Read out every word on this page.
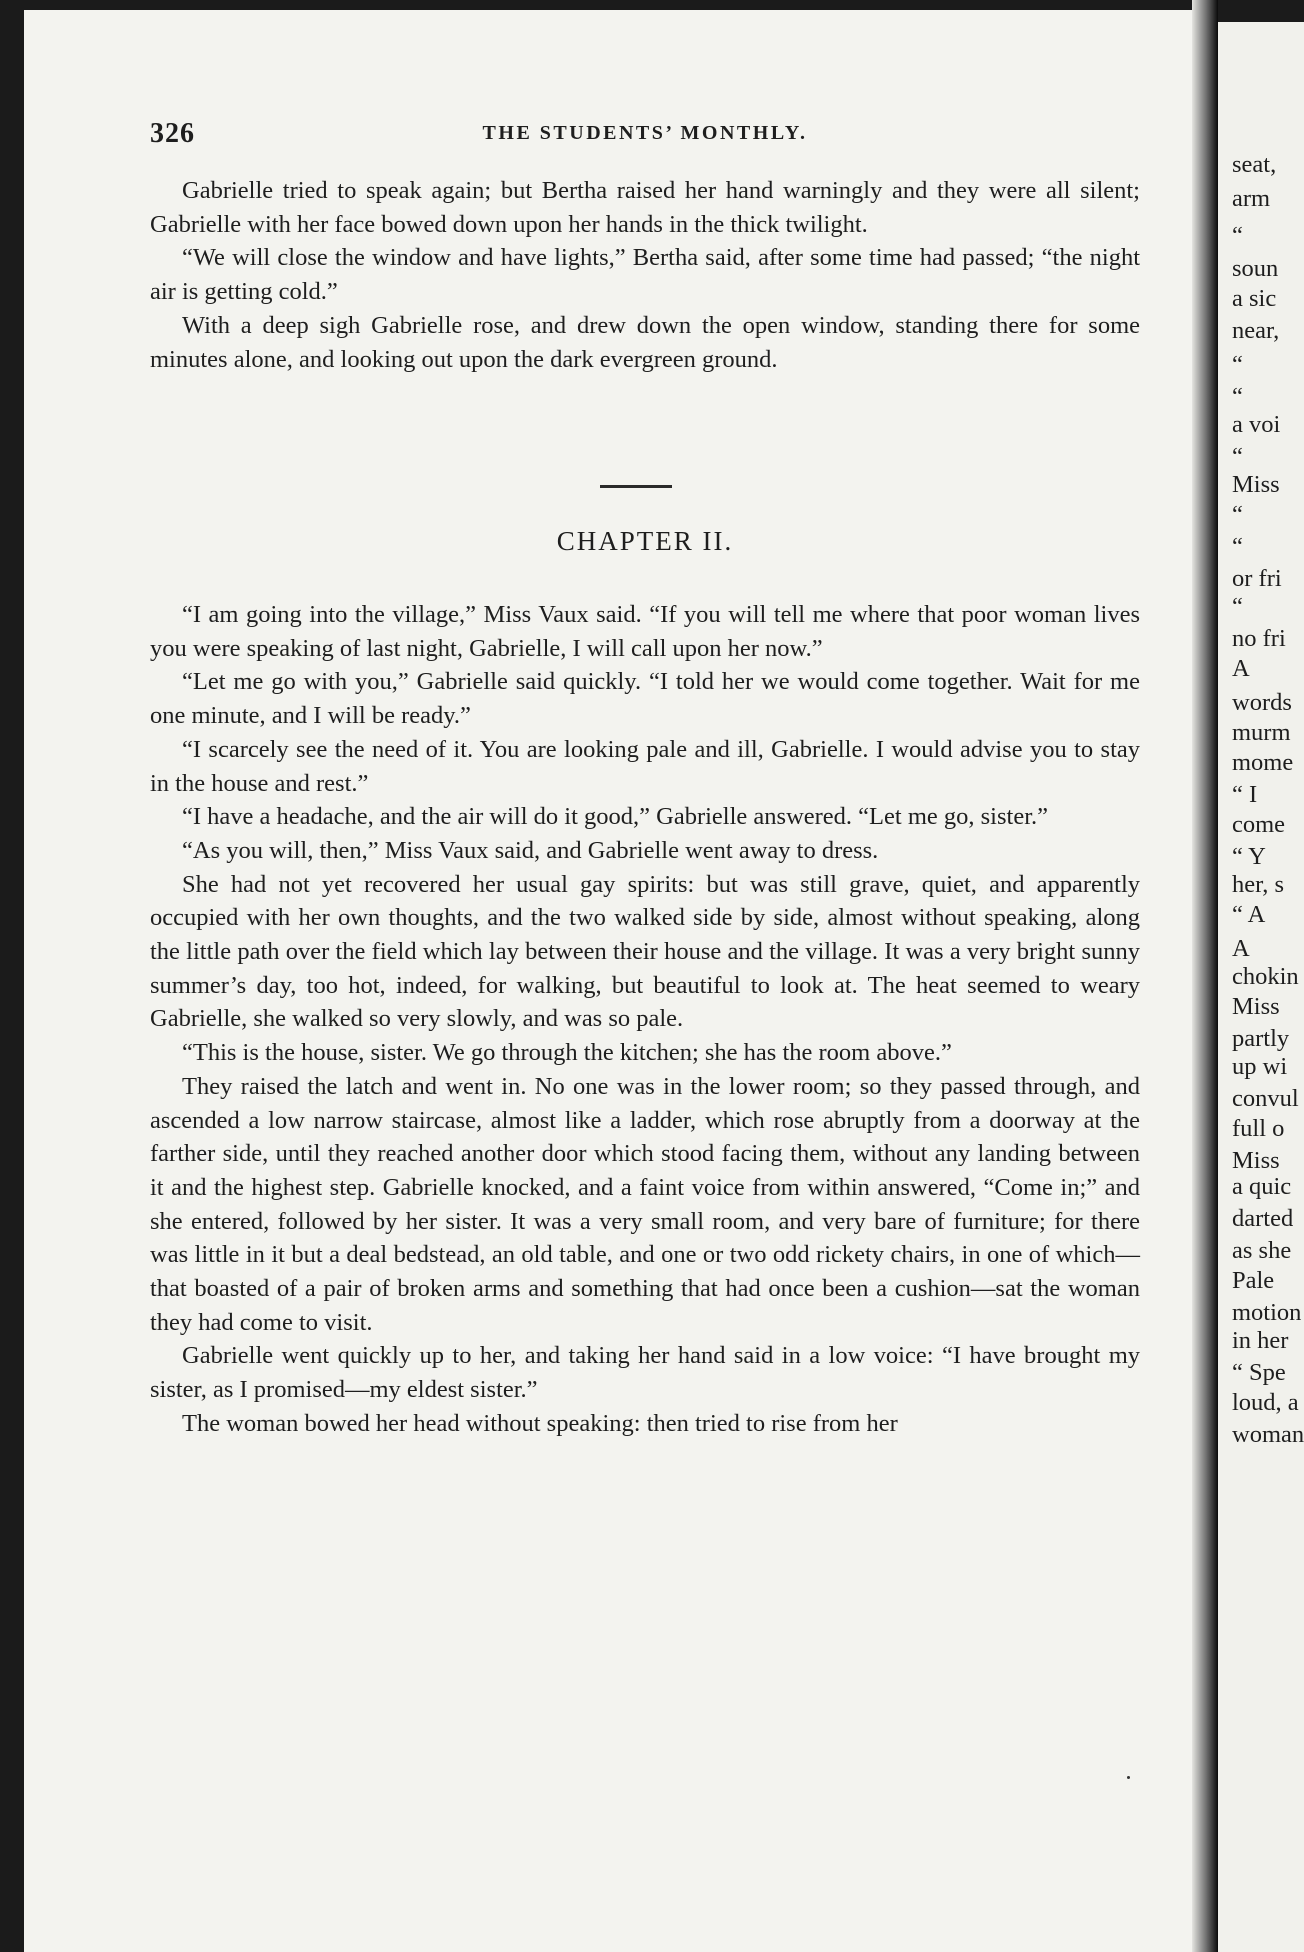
seat,
arm
“
soun
a sic
near,
“
“
a voi
“
Miss
“
“
or fri
“
no fri
A
words
murm
mome
“ I
come
“ Y
her, s
“ A
A
chokin
Miss
partly
up wi
convul
full o
Miss
a quic
darted
as she
Pale
motion
in her
“ Spe
loud, a
woman
326	THE STUDENTS’ MONTHLY.

Gabrielle tried to speak again; but Bertha raised her hand warningly and they were all silent; Gabrielle with her face bowed down upon her hands in the thick twilight.

“We will close the window and have lights,” Bertha said, after some time had passed; “the night air is getting cold.”

With a deep sigh Gabrielle rose, and drew down the open window, standing there for some minutes alone, and looking out upon the dark evergreen ground.

CHAPTER II.

“I am going into the village,” Miss Vaux said. “If you will tell me where that poor woman lives you were speaking of last night, Gabrielle, I will call upon her now.”

“Let me go with you,” Gabrielle said quickly. “I told her we would come together. Wait for me one minute, and I will be ready.”

“I scarcely see the need of it. You are looking pale and ill, Gabrielle. I would advise you to stay in the house and rest.”

“I have a headache, and the air will do it good,” Gabrielle answered. “Let me go, sister.”

“As you will, then,” Miss Vaux said, and Gabrielle went away to dress.

She had not yet recovered her usual gay spirits: but was still grave, quiet, and apparently occupied with her own thoughts, and the two walked side by side, almost without speaking, along the little path over the field which lay between their house and the village. It was a very bright sunny summer’s day, too hot, indeed, for walking, but beautiful to look at. The heat seemed to weary Gabrielle, she walked so very slowly, and was so pale.

“This is the house, sister. We go through the kitchen; she has the room above.”

They raised the latch and went in. No one was in the lower room; so they passed through, and ascended a low narrow staircase, almost like a ladder, which rose abruptly from a doorway at the farther side, until they reached another door which stood facing them, without any landing between it and the highest step. Gabrielle knocked, and a faint voice from within answered, “Come in;” and she entered, followed by her sister. It was a very small room, and very bare of furniture; for there was little in it but a deal bedstead, an old table, and one or two odd rickety chairs, in one of which—that boasted of a pair of broken arms and something that had once been a cushion—sat the woman they had come to visit.

Gabrielle went quickly up to her, and taking her hand said in a low voice: “I have brought my sister, as I promised—my eldest sister.”

The woman bowed her head without speaking: then tried to rise from her
